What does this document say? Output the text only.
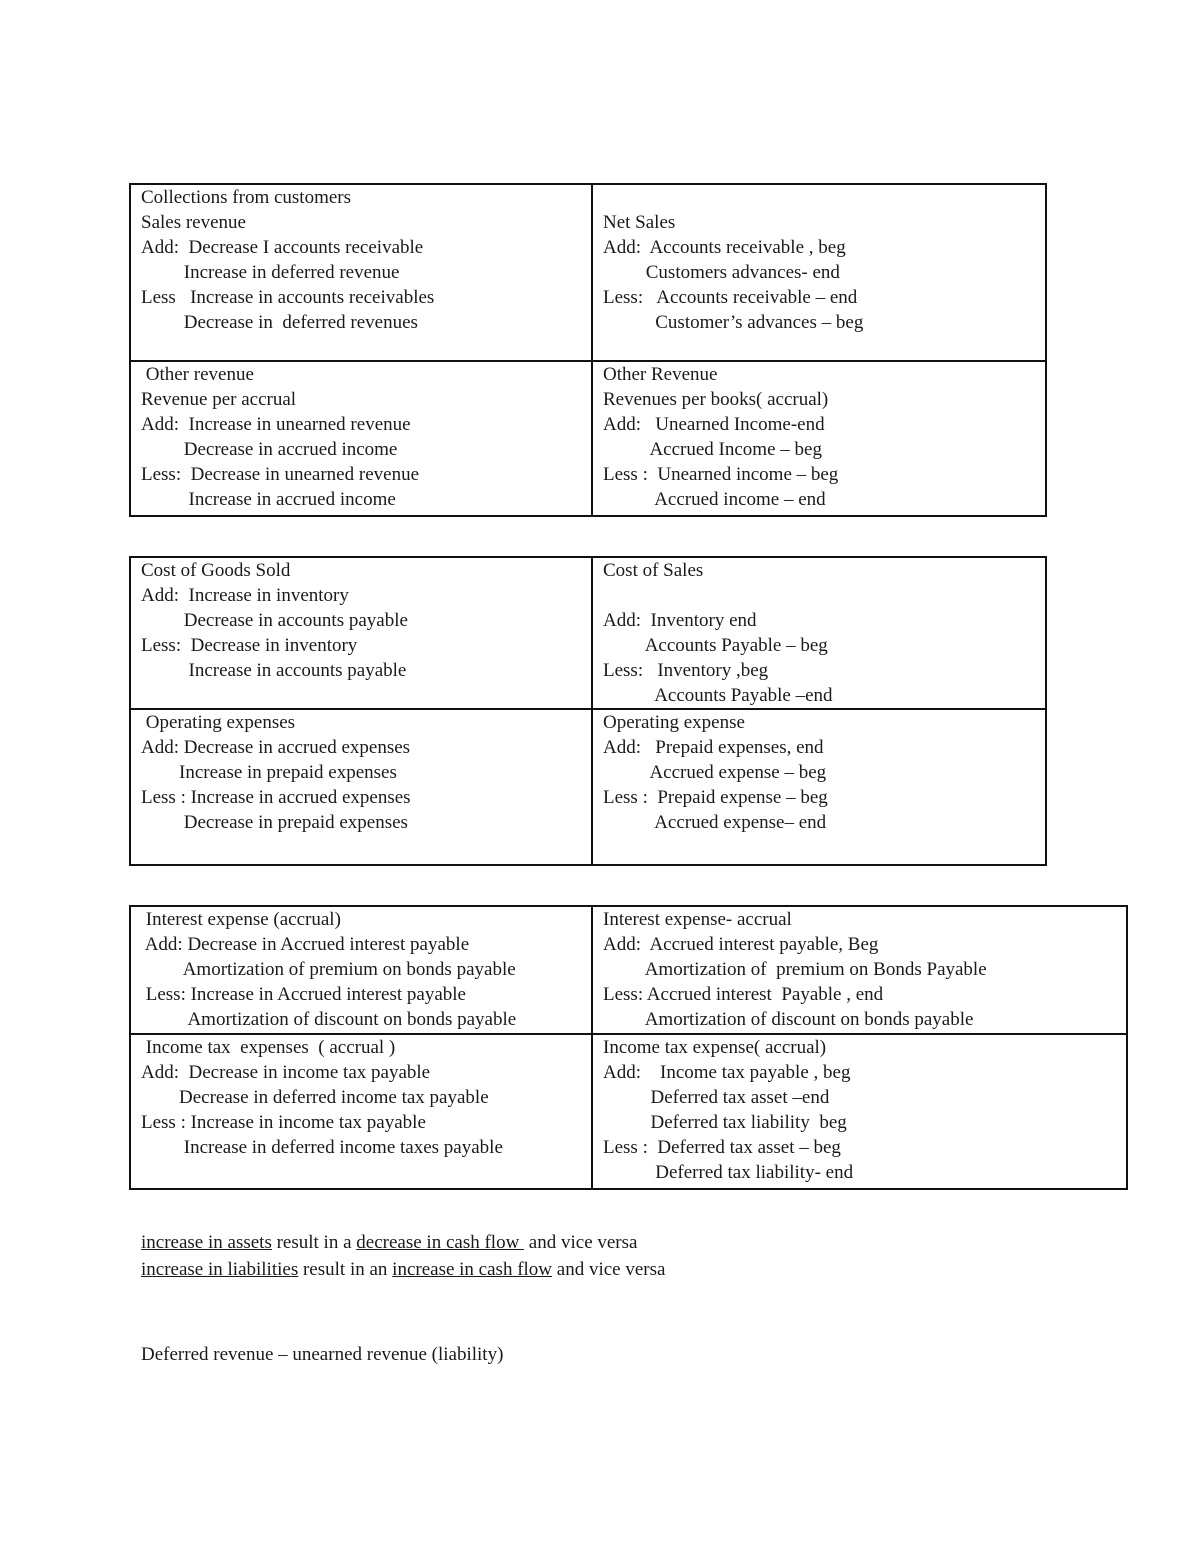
Collections from customers
Sales revenue
Add:  Decrease I accounts receivable
Increase in deferred revenue
Less   Increase in accounts receivables
Decrease in  deferred revenues
Net Sales
Add:  Accounts receivable , beg
Customers advances- end
Less:   Accounts receivable – end
Customer’s advances – beg
Other revenue
Revenue per accrual
Add:  Increase in unearned revenue
Decrease in accrued income
Less:  Decrease in unearned revenue
Increase in accrued income
Other Revenue
Revenues per books( accrual)
Add:   Unearned Income-end
Accrued Income – beg
Less :  Unearned income – beg
Accrued income – end
Cost of Goods Sold
Add:  Increase in inventory
Decrease in accounts payable
Less:  Decrease in inventory
Increase in accounts payable
Cost of Sales
Add:  Inventory end
Accounts Payable – beg
Less:   Inventory ,beg
Accounts Payable –end
Operating expenses
Add: Decrease in accrued expenses
Increase in prepaid expenses
Less : Increase in accrued expenses
Decrease in prepaid expenses
Operating expense
Add:   Prepaid expenses, end
Accrued expense – beg
Less :  Prepaid expense – beg
Accrued expense– end
Interest expense (accrual)
Add: Decrease in Accrued interest payable
Amortization of premium on bonds payable
Less: Increase in Accrued interest payable
Amortization of discount on bonds payable
Interest expense- accrual
Add:  Accrued interest payable, Beg
Amortization of  premium on Bonds Payable
Less: Accrued interest  Payable , end
Amortization of discount on bonds payable
Income tax  expenses  ( accrual )
Add:  Decrease in income tax payable
Decrease in deferred income tax payable
Less : Increase in income tax payable
Increase in deferred income taxes payable
Income tax expense( accrual)
Add:    Income tax payable , beg
Deferred tax asset –end
Deferred tax liability  beg
Less :  Deferred tax asset – beg
Deferred tax liability- end
increase in assets result in a decrease in cash flow  and vice versa
increase in liabilities result in an increase in cash flow and vice versa
Deferred revenue – unearned revenue (liability)
